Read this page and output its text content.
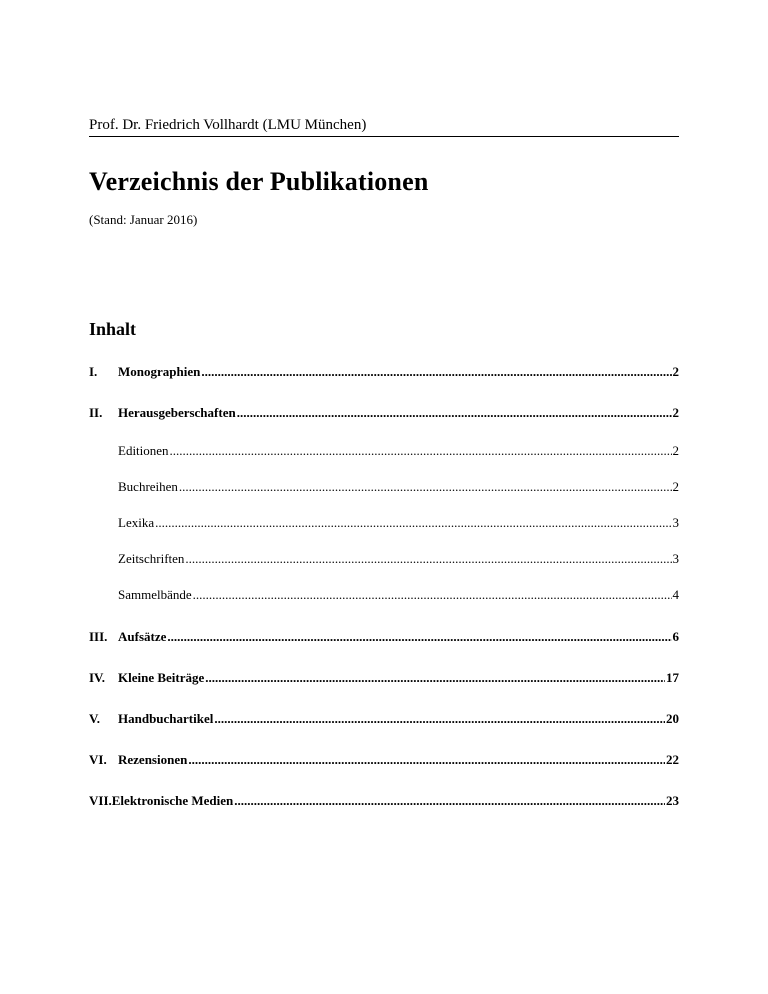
Prof. Dr. Friedrich Vollhardt (LMU München)
Verzeichnis der Publikationen
(Stand: Januar 2016)
Inhalt
I.	Monographien .....	2
II.	Herausgeberschaften .....	2
Editionen .....	2
Buchreihen .....	2
Lexika .....	3
Zeitschriften .....	3
Sammelbände .....	4
III. Aufsätze .....	6
IV. Kleine Beiträge .....	17
V.	Handbuchartikel .....	20
VI. Rezensionen .....	22
VII. Elektronische Medien .....	23
